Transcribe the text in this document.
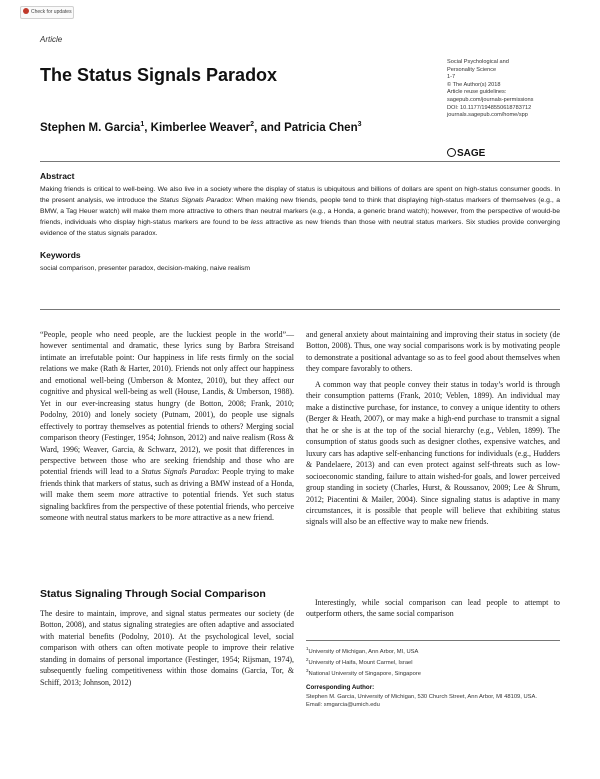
Check for updates
Article
The Status Signals Paradox
Stephen M. Garcia$^1$, Kimberlee Weaver$^2$, and Patricia Chen$^3$
Social Psychological and
Personality Science
1-7
© The Author(s) 2018
Article reuse guidelines:
sagepub.com/journals-permissions
DOI: 10.1177/1948550618783712
journals.sagepub.com/home/spp
SAGE
Abstract
Making friends is critical to well-being. We also live in a society where the display of status is ubiquitous and billions of dollars are spent on high-status consumer goods. In the present analysis, we introduce the Status Signals Paradox: When making new friends, people tend to think that displaying high-status markers of themselves (e.g., a BMW, a Tag Heuer watch) will make them more attractive to others than neutral markers (e.g., a Honda, a generic brand watch); however, from the perspective of would-be friends, individuals who display high-status markers are found to be less attractive as new friends than those with neutral status markers. Six studies provide converging evidence of the status signals paradox.
Keywords
social comparison, presenter paradox, decision-making, naive realism
“People, people who need people, are the luckiest people in the world”—however sentimental and dramatic, these lyrics sung by Barbra Streisand intimate an irrefutable point: Our happiness in life rests firmly on the social relations we make (Rath & Harter, 2010). Friends not only affect our happiness and emotional well-being (Umberson & Montez, 2010), but they affect our cognitive and physical well-being as well (House, Landis, & Umberson, 1988). Yet in our ever-increasing status hungry (de Botton, 2008; Frank, 2010; Podolny, 2010) and lonely society (Putnam, 2001), do people use signals effectively to portray themselves as potential friends to others? Merging social comparison theory (Festinger, 1954; Johnson, 2012) and naive realism (Ross & Ward, 1996; Weaver, Garcia, & Schwarz, 2012), we posit that differences in perspective between those who are seeking friendship and those who are potential friends will lead to a Status Signals Paradox: People trying to make friends think that markers of status, such as driving a BMW instead of a Honda, will make them seem more attractive to potential friends. Yet such status signaling backfires from the perspective of these potential friends, who perceive someone with neutral status markers to be more attractive as a new friend.
Status Signaling Through Social Comparison
The desire to maintain, improve, and signal status permeates our society (de Botton, 2008), and status signaling strategies are often adaptive and associated with material benefits (Podolny, 2010). At the psychological level, social comparison with others can often motivate people to improve their relative standing in domains of personal importance (Festinger, 1954; Rijsman, 1974), subsequently fueling competitiveness within those domains (Garcia, Tor, & Schiff, 2013; Johnson, 2012)
and general anxiety about maintaining and improving their status in society (de Botton, 2008). Thus, one way social comparisons work is by motivating people to demonstrate a positional advantage so as to feel good about themselves when they compare favorably to others.
A common way that people convey their status in today’s world is through their consumption patterns (Frank, 2010; Veblen, 1899). An individual may make a distinctive purchase, for instance, to convey a unique identity to others (Berger & Heath, 2007), or may make a high-end purchase to transmit a signal that he or she is at the top of the social hierarchy (e.g., Veblen, 1899). The consumption of status goods such as designer clothes, expensive watches, and luxury cars has adaptive self-enhancing functions for individuals (e.g., Hudders & Pandelaere, 2013) and can even protect against self-threats such as low-socioeconomic standing, failure to attain wished-for goals, and lower perceived group standing in society (Charles, Hurst, & Roussanov, 2009; Lee & Shrum, 2012; Piacentini & Mailer, 2004). Since signaling status is adaptive in many circumstances, it is possible that people will believe that exhibiting status signals will also be an effective way to make new friends.
Interestingly, while social comparison can lead people to attempt to outperform others, the same social comparison
$^1$University of Michigan, Ann Arbor, MI, USA
$^2$University of Haifa, Mount Carmel, Israel
$^3$National University of Singapore, Singapore
Corresponding Author:
Stephen M. Garcia, University of Michigan, 530 Church Street, Ann Arbor, MI 48109, USA.
Email: smgarcia@umich.edu
